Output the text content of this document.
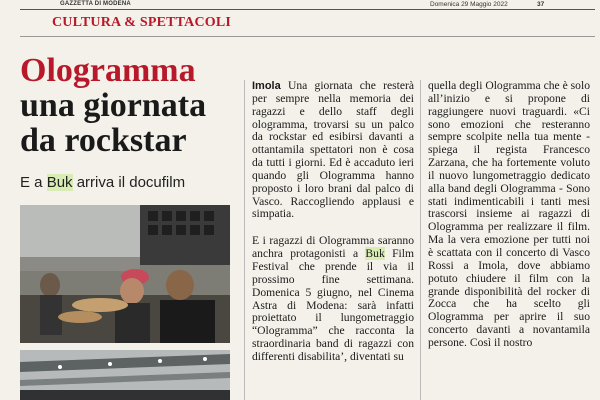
GAZZETTA DI MODENA	Domenica 29 Maggio 2022	37
CULTURA & SPETTACOLI
Ologramma
una giornata
da rockstar
E a Buk arriva il docufilm

Imola Una giornata che resterà per sempre nella memoria dei ragazzi e dello staff degli ologramma, trovarsi su un palco da rockstar ed esibirsi davanti a ottantamila spettatori non è cosa da tutti i giorni. Ed è accaduto ieri quando gli Ologramma hanno proposto i loro brani dal palco di Vasco. Raccogliendo applausi e simpatia.

E i ragazzi di Ologramma saranno anchra protagonisti a Buk Film Festival che prende il via il prossimo fine settimana. Domenica 5 giugno, nel Cinema Astra di Modena: sarà infatti proiettato il lungometraggio “Ologramma” che racconta la straordinaria band di ragazzi con differenti disabilita’, diventati su

quella degli Ologramma che è solo all’inizio e si propone di raggiungere nuovi traguardi. «Ci sono emozioni che resteranno sempre scolpite nella tua mente - spiega il regista Francesco Zarzana, che ha fortemente voluto il nuovo lungometraggio dedicato alla band degli Ologramma - Sono stati indimenticabili i tanti mesi trascorsi insieme ai ragazzi di Ologramma per realizzare il film. Ma la vera emozione per tutti noi è scattata con il concerto di Vasco Rossi a Imola, dove abbiamo potuto chiudere il film con la grande disponibilità del rocker di Zocca che ha scelto gli Ologramma per aprire il suo concerto davanti a novantamila persone. Così il nostro
